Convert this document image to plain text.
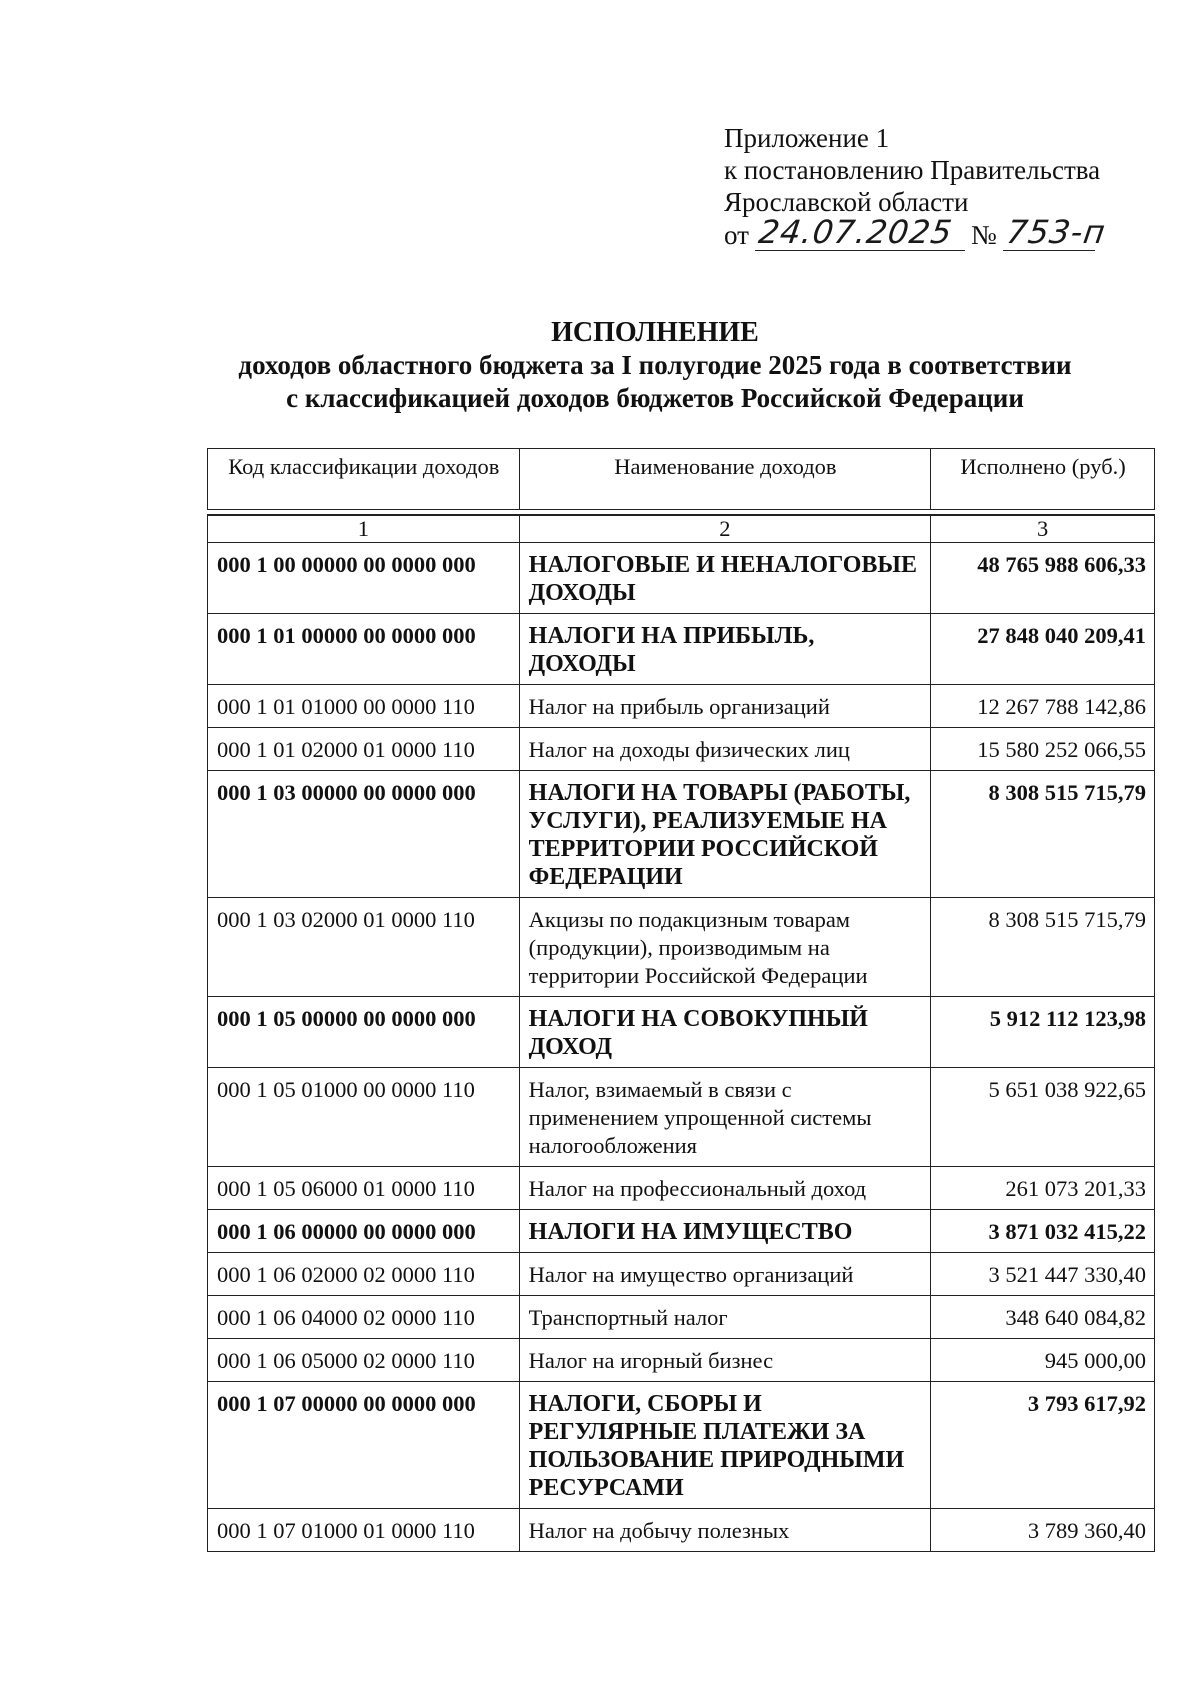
Приложение 1
к постановлению Правительства
Ярославской области
от 24.07.2025 № 753-п
ИСПОЛНЕНИЕ
доходов областного бюджета за I полугодие 2025 года в соответствии
с классификацией доходов бюджетов Российской Федерации
Код классификации доходов	Наименование доходов	Исполнено (руб.)

1	2	3
000 1 00 00000 00 0000 000	НАЛОГОВЫЕ И НЕНАЛОГОВЫЕ ДОХОДЫ	48 765 988 606,33
000 1 01 00000 00 0000 000	НАЛОГИ НА ПРИБЫЛЬ, ДОХОДЫ	27 848 040 209,41
000 1 01 01000 00 0000 110	Налог на прибыль организаций	12 267 788 142,86
000 1 01 02000 01 0000 110	Налог на доходы физических лиц	15 580 252 066,55
000 1 03 00000 00 0000 000	НАЛОГИ НА ТОВАРЫ (РАБОТЫ, УСЛУГИ), РЕАЛИЗУЕМЫЕ НА ТЕРРИТОРИИ РОССИЙСКОЙ ФЕДЕРАЦИИ	8 308 515 715,79
000 1 03 02000 01 0000 110	Акцизы по подакцизным товарам (продукции), производимым на территории Российской Федерации	8 308 515 715,79
000 1 05 00000 00 0000 000	НАЛОГИ НА СОВОКУПНЫЙ ДОХОД	5 912 112 123,98
000 1 05 01000 00 0000 110	Налог, взимаемый в связи с применением упрощенной системы налогообложения	5 651 038 922,65
000 1 05 06000 01 0000 110	Налог на профессиональный доход	261 073 201,33
000 1 06 00000 00 0000 000	НАЛОГИ НА ИМУЩЕСТВО	3 871 032 415,22
000 1 06 02000 02 0000 110	Налог на имущество организаций	3 521 447 330,40
000 1 06 04000 02 0000 110	Транспортный налог	348 640 084,82
000 1 06 05000 02 0000 110	Налог на игорный бизнес	945 000,00
000 1 07 00000 00 0000 000	НАЛОГИ, СБОРЫ И РЕГУЛЯРНЫЕ ПЛАТЕЖИ ЗА ПОЛЬЗОВАНИЕ ПРИРОДНЫМИ РЕСУРСАМИ	3 793 617,92
000 1 07 01000 01 0000 110	Налог на добычу полезных	3 789 360,40
